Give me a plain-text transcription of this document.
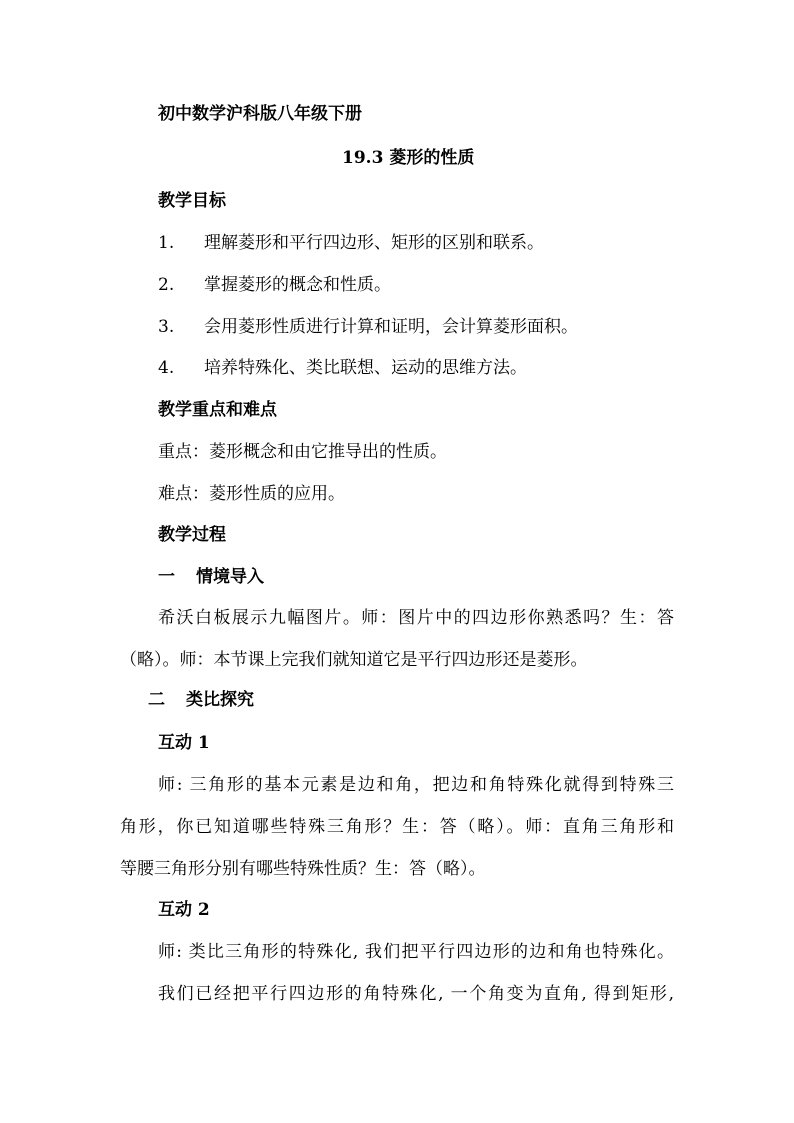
初中数学沪科版八年级下册
19.3 菱形的性质
教学目标
1. 理解菱形和平行四边形、矩形的区别和联系。
2. 掌握菱形的概念和性质。
3. 会用菱形性质进行计算和证明，会计算菱形面积。
4. 培养特殊化、类比联想、运动的思维方法。
教学重点和难点
重点：菱形概念和由它推导出的性质。
难点：菱形性质的应用。
教学过程
一 情境导入
希沃白板展示九幅图片。师：图片中的四边形你熟悉吗？生：答
（略）。师：本节课上完我们就知道它是平行四边形还是菱形。
二 类比探究
互动 1
师: 三角形的基本元素是边和角，把边和角特殊化就得到特殊三
角形，你已知道哪些特殊三角形？生：答（略）。师：直角三角形和
等腰三角形分别有哪些特殊性质？生：答（略）。
互动 2
师: 类比三角形的特殊化, 我们把平行四边形的边和角也特殊化。
我们已经把平行四边形的角特殊化, 一个角变为直角, 得到矩形,
